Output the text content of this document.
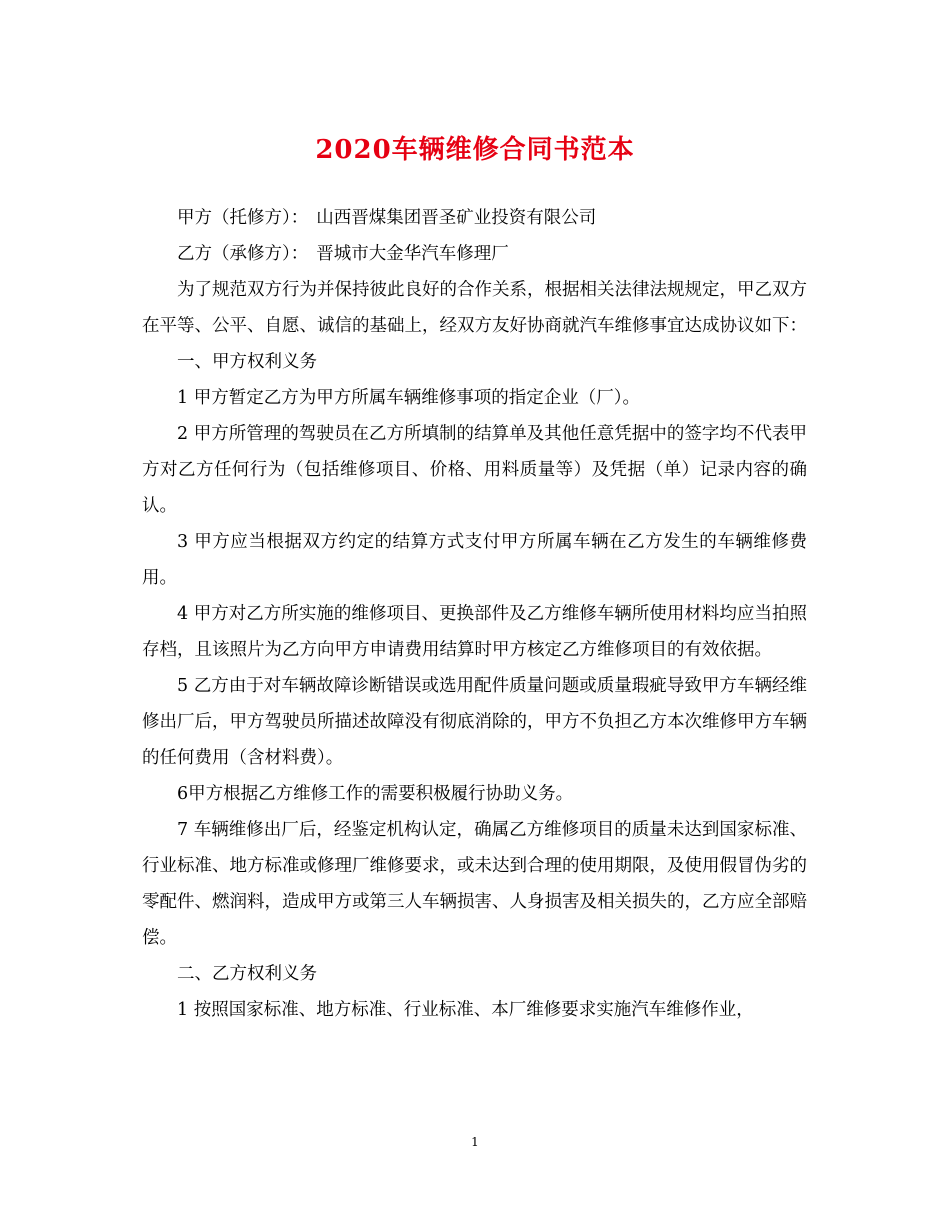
2020车辆维修合同书范本

甲方（托修方）： 山西晋煤集团晋圣矿业投资有限公司

乙方（承修方）： 晋城市大金华汽车修理厂

为了规范双方行为并保持彼此良好的合作关系，根据相关法律法规规定，甲乙双方在平等、公平、自愿、诚信的基础上，经双方友好协商就汽车维修事宜达成协议如下：

一、甲方权利义务

1 甲方暂定乙方为甲方所属车辆维修事项的指定企业（厂）。

2 甲方所管理的驾驶员在乙方所填制的结算单及其他任意凭据中的签字均不代表甲方对乙方任何行为（包括维修项目、价格、用料质量等）及凭据（单）记录内容的确认。

3 甲方应当根据双方约定的结算方式支付甲方所属车辆在乙方发生的车辆维修费用。

4 甲方对乙方所实施的维修项目、更换部件及乙方维修车辆所使用材料均应当拍照存档，且该照片为乙方向甲方申请费用结算时甲方核定乙方维修项目的有效依据。

5 乙方由于对车辆故障诊断错误或选用配件质量问题或质量瑕疵导致甲方车辆经维修出厂后，甲方驾驶员所描述故障没有彻底消除的，甲方不负担乙方本次维修甲方车辆的任何费用（含材料费）。

6甲方根据乙方维修工作的需要积极履行协助义务。

7 车辆维修出厂后，经鉴定机构认定，确属乙方维修项目的质量未达到国家标准、行业标准、地方标准或修理厂维修要求，或未达到合理的使用期限，及使用假冒伪劣的零配件、燃润料，造成甲方或第三人车辆损害、人身损害及相关损失的，乙方应全部赔偿。

二、乙方权利义务

1 按照国家标准、地方标准、行业标准、本厂维修要求实施汽车维修作业，

1
